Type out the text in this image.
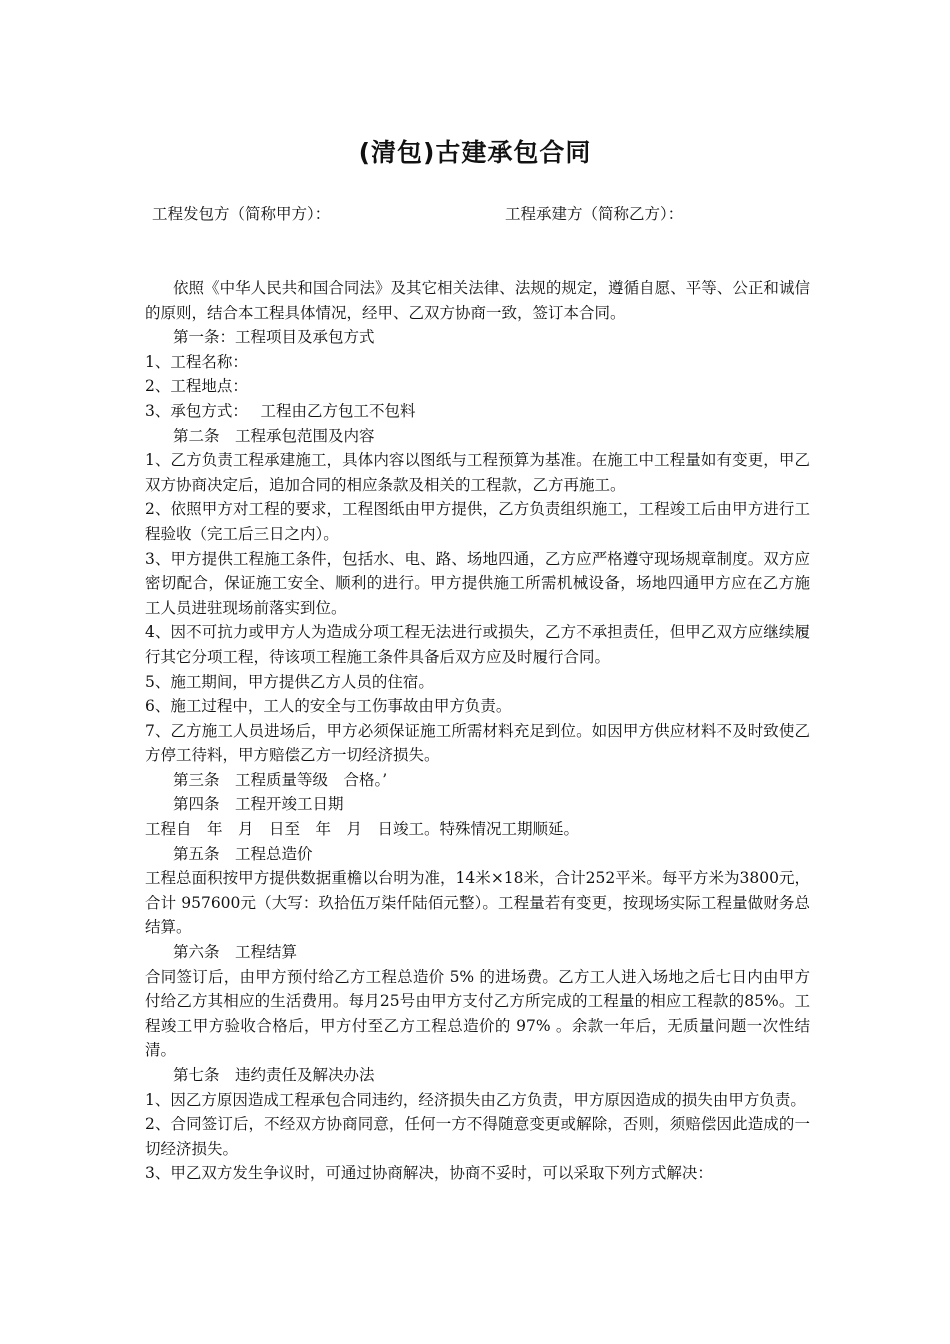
(清包)古建承包合同
工程发包方（简称甲方）：	工程承建方（简称乙方）：

依照《中华人民共和国合同法》及其它相关法律、法规的规定，遵循自愿、平等、公正和诚信的原则，结合本工程具体情况，经甲、乙双方协商一致，签订本合同。

第一条：工程项目及承包方式

1、工程名称：

2、工程地点：

3、承包方式：　 工程由乙方包工不包料

第二条　工程承包范围及内容

1、乙方负责工程承建施工，具体内容以图纸与工程预算为基准。在施工中工程量如有变更，甲乙双方协商决定后，追加合同的相应条款及相关的工程款，乙方再施工。

2、依照甲方对工程的要求，工程图纸由甲方提供，乙方负责组织施工，工程竣工后由甲方进行工程验收（完工后三日之内）。

3、甲方提供工程施工条件，包括水、电、路、场地四通，乙方应严格遵守现场规章制度。双方应密切配合，保证施工安全、顺利的进行。甲方提供施工所需机械设备，场地四通甲方应在乙方施工人员进驻现场前落实到位。

4、因不可抗力或甲方人为造成分项工程无法进行或损失，乙方不承担责任，但甲乙双方应继续履行其它分项工程，待该项工程施工条件具备后双方应及时履行合同。

5、施工期间，甲方提供乙方人员的住宿。

6、施工过程中，工人的安全与工伤事故由甲方负责。

7、乙方施工人员进场后，甲方必须保证施工所需材料充足到位。如因甲方供应材料不及时致使乙方停工待料，甲方赔偿乙方一切经济损失。

第三条　工程质量等级　合格。’

第四条　工程开竣工日期

工程自　年　月　日至　年　月　日竣工。特殊情况工期顺延。

第五条　工程总造价

工程总面积按甲方提供数据重檐以台明为准，14米×18米，合计252平米。每平方米为3800元，合计 957600元（大写：玖拾伍万柒仟陆佰元整）。工程量若有变更，按现场实际工程量做财务总结算。

第六条　工程结算

合同签订后，由甲方预付给乙方工程总造价 5% 的进场费。乙方工人进入场地之后七日内由甲方付给乙方其相应的生活费用。每月25号由甲方支付乙方所完成的工程量的相应工程款的85%。工程竣工甲方验收合格后，甲方付至乙方工程总造价的 97% 。余款一年后，无质量问题一次性结清。

第七条　违约责任及解决办法

1、因乙方原因造成工程承包合同违约，经济损失由乙方负责，甲方原因造成的损失由甲方负责。

2、合同签订后，不经双方协商同意，任何一方不得随意变更或解除，否则，须赔偿因此造成的一切经济损失。

3、甲乙双方发生争议时，可通过协商解决，协商不妥时，可以采取下列方式解决：
